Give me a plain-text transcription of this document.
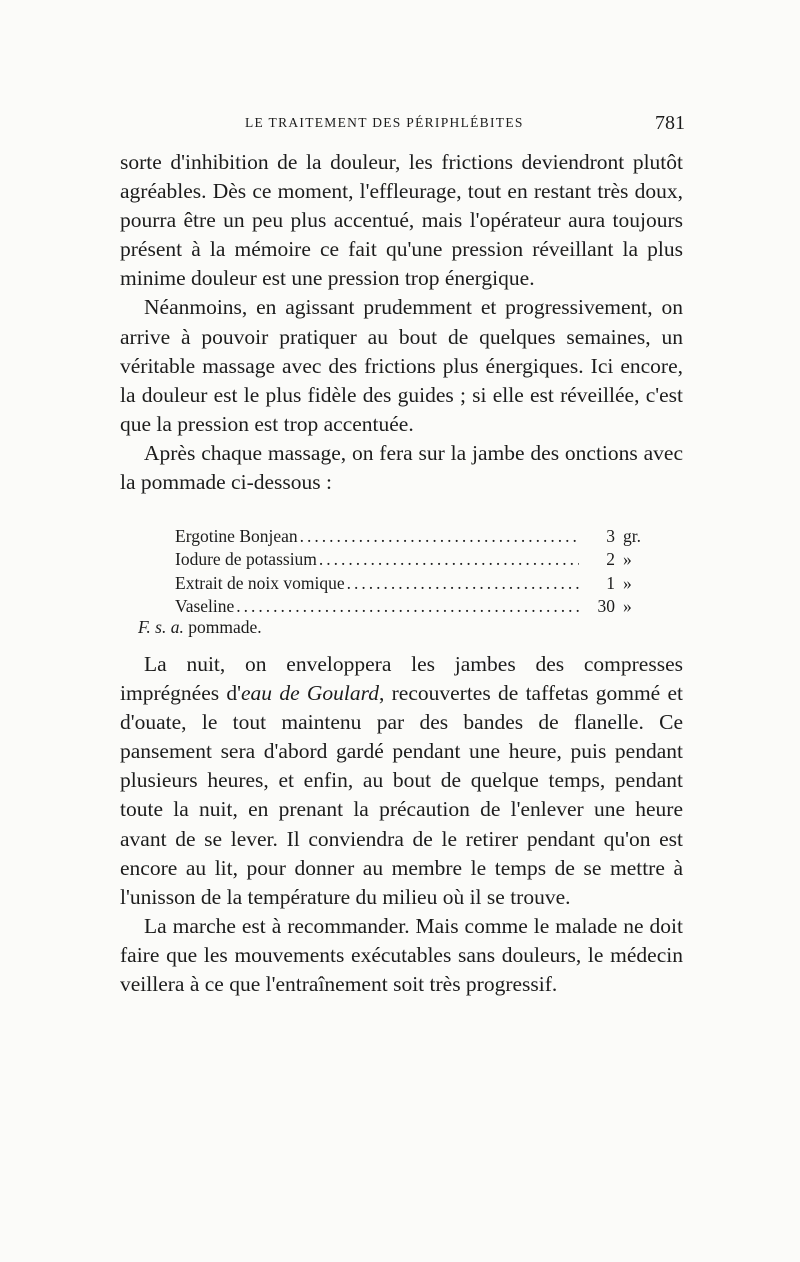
LE TRAITEMENT DES PÉRIPHLÉBITES	781

sorte d'inhibition de la douleur, les frictions deviendront plutôt agréables. Dès ce moment, l'effleurage, tout en restant très doux, pourra être un peu plus accentué, mais l'opérateur aura toujours présent à la mémoire ce fait qu'une pression réveillant la plus minime douleur est une pression trop énergique.

Néanmoins, en agissant prudemment et progressivement, on arrive à pouvoir pratiquer au bout de quelques semaines, un véritable massage avec des frictions plus énergiques. Ici encore, la douleur est le plus fidèle des guides ; si elle est réveillée, c'est que la pression est trop accentuée.

Après chaque massage, on fera sur la jambe des onctions avec la pommade ci-dessous :

Ergotine Bonjean .....	3 gr.
Iodure de potassium .....	2 »
Extrait de noix vomique .....	1 »
Vaseline .....	30 »
F. s. a. pommade.

La nuit, on enveloppera les jambes des compresses imprégnées d'eau de Goulard, recouvertes de taffetas gommé et d'ouate, le tout maintenu par des bandes de flanelle. Ce pansement sera d'abord gardé pendant une heure, puis pendant plusieurs heures, et enfin, au bout de quelque temps, pendant toute la nuit, en prenant la précaution de l'enlever une heure avant de se lever. Il conviendra de le retirer pendant qu'on est encore au lit, pour donner au membre le temps de se mettre à l'unisson de la température du milieu où il se trouve.

La marche est à recommander. Mais comme le malade ne doit faire que les mouvements exécutables sans douleurs, le médecin veillera à ce que l'entraînement soit très progressif.
